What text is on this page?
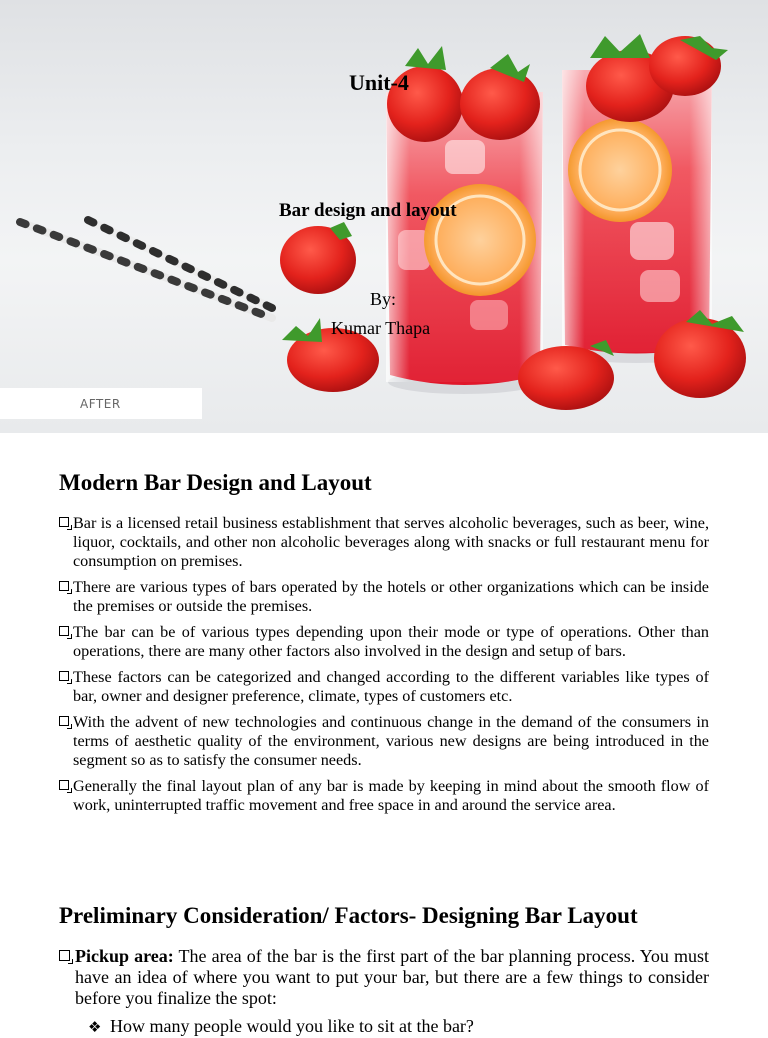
Unit-4
Bar design and layout
By:
Kumar Thapa
AFTER
Modern Bar Design and Layout
Bar is a licensed retail business establishment that serves alcoholic beverages, such as beer, wine, liquor, cocktails, and other non alcoholic beverages along with snacks or full restaurant menu for consumption on premises.
There are various types of bars operated by the hotels or other organizations which can be inside the premises or outside the premises.
The bar can be of various types depending upon their mode or type of operations. Other than operations, there are many other factors also involved in the design and setup of bars.
These factors can be categorized and changed according to the different variables like types of bar, owner and designer preference, climate, types of customers etc.
With the advent of new technologies and continuous change in the demand of the consumers in terms of aesthetic quality of the environment, various new designs are being introduced in the segment so as to satisfy the consumer needs.
Generally the final layout plan of any bar is made by keeping in mind about the smooth flow of work, uninterrupted traffic movement and free space in and around the service area.
Preliminary Consideration/ Factors- Designing Bar Layout
Pickup area: The area of the bar is the first part of the bar planning process. You must have an idea of where you want to put your bar, but there are a few things to consider before you finalize the spot:
❖ How many people would you like to sit at the bar?
